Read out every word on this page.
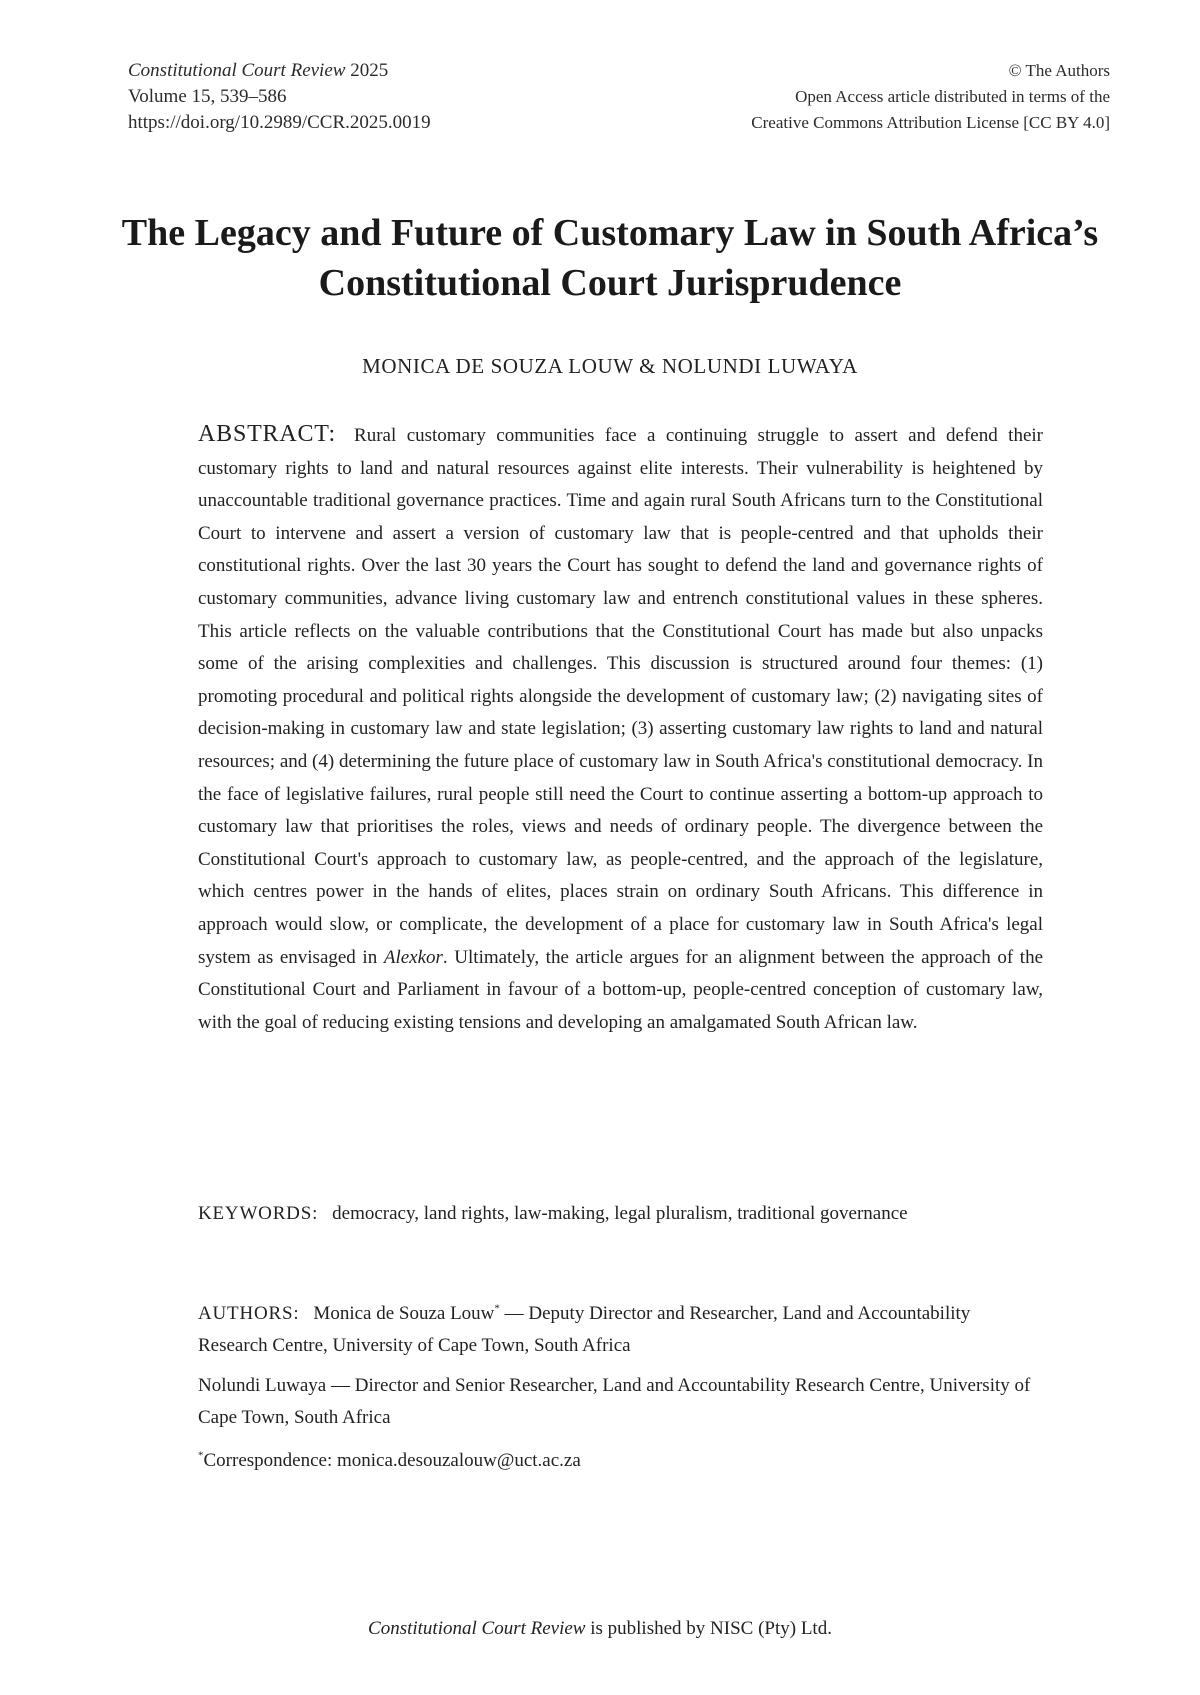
Constitutional Court Review 2025
Volume 15, 539–586
https://doi.org/10.2989/CCR.2025.0019
© The Authors
Open Access article distributed in terms of the
Creative Commons Attribution License [CC BY 4.0]
The Legacy and Future of Customary Law in South Africa’s Constitutional Court Jurisprudence
MONICA DE SOUZA LOUW & NOLUNDI LUWAYA
ABSTRACT: Rural customary communities face a continuing struggle to assert and defend their customary rights to land and natural resources against elite interests. Their vulnerability is heightened by unaccountable traditional governance practices. Time and again rural South Africans turn to the Constitutional Court to intervene and assert a version of customary law that is people-centred and that upholds their constitutional rights. Over the last 30 years the Court has sought to defend the land and governance rights of customary communities, advance living customary law and entrench constitutional values in these spheres. This article reflects on the valuable contributions that the Constitutional Court has made but also unpacks some of the arising complexities and challenges. This discussion is structured around four themes: (1) promoting procedural and political rights alongside the development of customary law; (2) navigating sites of decision-making in customary law and state legislation; (3) asserting customary law rights to land and natural resources; and (4) determining the future place of customary law in South Africa's constitutional democracy. In the face of legislative failures, rural people still need the Court to continue asserting a bottom-up approach to customary law that prioritises the roles, views and needs of ordinary people. The divergence between the Constitutional Court's approach to customary law, as people-centred, and the approach of the legislature, which centres power in the hands of elites, places strain on ordinary South Africans. This difference in approach would slow, or complicate, the development of a place for customary law in South Africa's legal system as envisaged in Alexkor. Ultimately, the article argues for an alignment between the approach of the Constitutional Court and Parliament in favour of a bottom-up, people-centred conception of customary law, with the goal of reducing existing tensions and developing an amalgamated South African law.
KEYWORDS: democracy, land rights, law-making, legal pluralism, traditional governance

AUTHORS: Monica de Souza Louw* — Deputy Director and Researcher, Land and Accountability Research Centre, University of Cape Town, South Africa

Nolundi Luwaya — Director and Senior Researcher, Land and Accountability Research Centre, University of Cape Town, South Africa

*Correspondence: monica.desouzalouw@uct.ac.za
Constitutional Court Review is published by NISC (Pty) Ltd.
